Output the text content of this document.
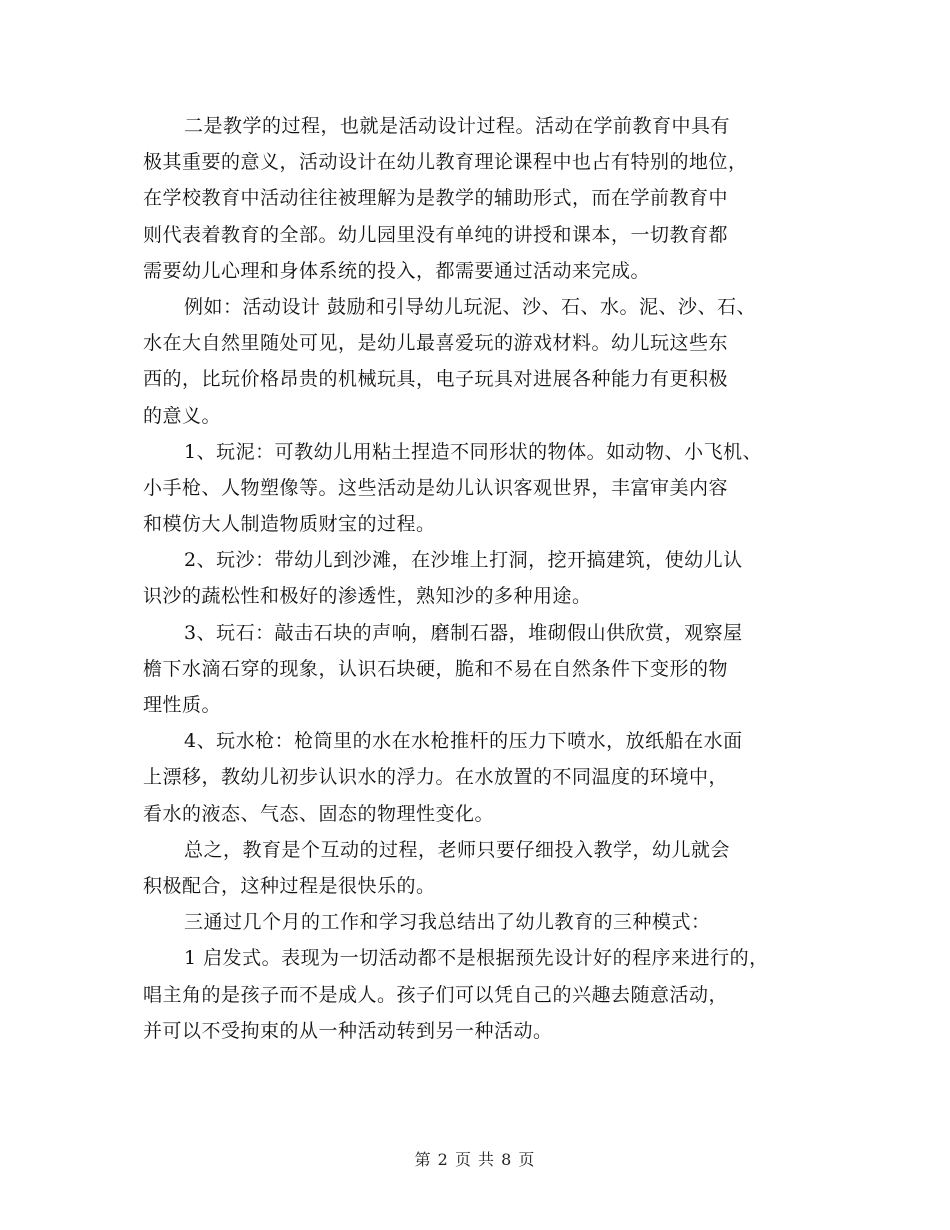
二是教学的过程，也就是活动设计过程。活动在学前教育中具有
极其重要的意义，活动设计在幼儿教育理论课程中也占有特别的地位，
在学校教育中活动往往被理解为是教学的辅助形式，而在学前教育中
则代表着教育的全部。幼儿园里没有单纯的讲授和课本，一切教育都
需要幼儿心理和身体系统的投入，都需要通过活动来完成。
例如：活动设计 鼓励和引导幼儿玩泥、沙、石、水。泥、沙、石、
水在大自然里随处可见，是幼儿最喜爱玩的游戏材料。幼儿玩这些东
西的，比玩价格昂贵的机械玩具，电子玩具对进展各种能力有更积极
的意义。
1、玩泥：可教幼儿用粘土捏造不同形状的物体。如动物、小飞机、
小手枪、人物塑像等。这些活动是幼儿认识客观世界，丰富审美内容
和模仿大人制造物质财宝的过程。
2、玩沙：带幼儿到沙滩，在沙堆上打洞，挖开搞建筑，使幼儿认
识沙的蔬松性和极好的渗透性，熟知沙的多种用途。
3、玩石：敲击石块的声响，磨制石器，堆砌假山供欣赏，观察屋
檐下水滴石穿的现象，认识石块硬，脆和不易在自然条件下变形的物
理性质。
4、玩水枪：枪筒里的水在水枪推杆的压力下喷水，放纸船在水面
上漂移，教幼儿初步认识水的浮力。在水放置的不同温度的环境中，
看水的液态、气态、固态的物理性变化。
总之，教育是个互动的过程，老师只要仔细投入教学，幼儿就会
积极配合，这种过程是很快乐的。
三通过几个月的工作和学习我总结出了幼儿教育的三种模式：
1 启发式。表现为一切活动都不是根据预先设计好的程序来进行的，
唱主角的是孩子而不是成人。孩子们可以凭自己的兴趣去随意活动，
并可以不受拘束的从一种活动转到另一种活动。
第 2 页 共 8 页
